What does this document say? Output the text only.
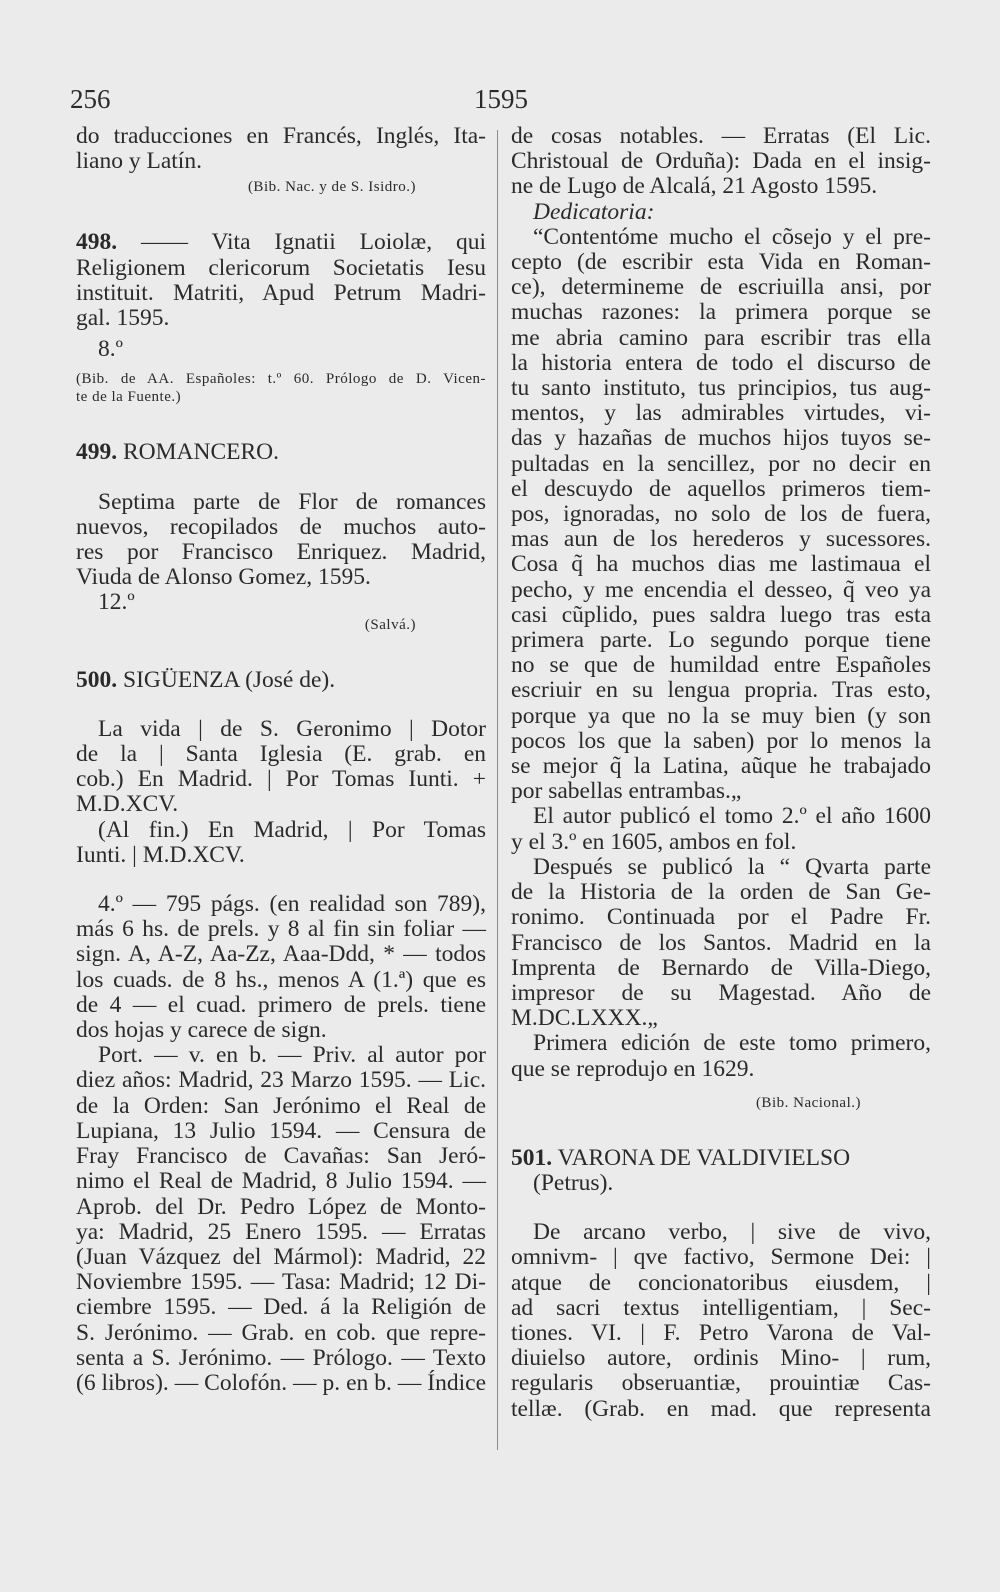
256	1595
do traducciones en Francés, Inglés, Ita-
liano y Latín.
(Bib. Nac. y de S. Isidro.)
498. —— Vita Ignatii Loiolæ, qui
Religionem clericorum Societatis Iesu
instituit. Matriti, Apud Petrum Madri-
gal. 1595.
8.º
(Bib. de AA. Españoles: t.º 60. Prólogo de D. Vicen-
te de la Fuente.)
499. ROMANCERO.
Septima parte de Flor de romances
nuevos, recopilados de muchos auto-
res por Francisco Enriquez. Madrid,
Viuda de Alonso Gomez, 1595.
12.º
(Salvá.)
500. SIGÜENZA (José de).
La vida | de S. Geronimo | Dotor
de la | Santa Iglesia (E. grab. en
cob.) En Madrid. | Por Tomas Iunti. +
M.D.XCV.
(Al fin.) En Madrid, | Por Tomas
Iunti. | M.D.XCV.
4.º — 795 págs. (en realidad son 789),
más 6 hs. de prels. y 8 al fin sin foliar —
sign. A, A-Z, Aa-Zz, Aaa-Ddd, * — todos
los cuads. de 8 hs., menos A (1.ª) que es
de 4 — el cuad. primero de prels. tiene
dos hojas y carece de sign.
Port. — v. en b. — Priv. al autor por
diez años: Madrid, 23 Marzo 1595. — Lic.
de la Orden: San Jerónimo el Real de
Lupiana, 13 Julio 1594. — Censura de
Fray Francisco de Cavañas: San Jeró-
nimo el Real de Madrid, 8 Julio 1594. —
Aprob. del Dr. Pedro López de Monto-
ya: Madrid, 25 Enero 1595. — Erratas
(Juan Vázquez del Mármol): Madrid, 22
Noviembre 1595. — Tasa: Madrid; 12 Di-
ciembre 1595. — Ded. á la Religión de
S. Jerónimo. — Grab. en cob. que repre-
senta a S. Jerónimo. — Prólogo. — Texto
(6 libros). — Colofón. — p. en b. — Índice
de cosas notables. — Erratas (El Lic.
Christoual de Orduña): Dada en el insig-
ne de Lugo de Alcalá, 21 Agosto 1595.
Dedicatoria:
“Contentóme mucho el cõsejo y el pre-
cepto (de escribir esta Vida en Roman-
ce), determineme de escriuilla ansi, por
muchas razones: la primera porque se
me abria camino para escribir tras ella
la historia entera de todo el discurso de
tu santo instituto, tus principios, tus aug-
mentos, y las admirables virtudes, vi-
das y hazañas de muchos hijos tuyos se-
pultadas en la sencillez, por no decir en
el descuydo de aquellos primeros tiem-
pos, ignoradas, no solo de los de fuera,
mas aun de los herederos y sucessores.
Cosa q̃ ha muchos dias me lastimaua el
pecho, y me encendia el desseo, q̃ veo ya
casi cũplido, pues saldra luego tras esta
primera parte. Lo segundo porque tiene
no se que de humildad entre Españoles
escriuir en su lengua propria. Tras esto,
porque ya que no la se muy bien (y son
pocos los que la saben) por lo menos la
se mejor q̃ la Latina, aũque he trabajado
por sabellas entrambas.„
El autor publicó el tomo 2.º el año 1600
y el 3.º en 1605, ambos en fol.
Después se publicó la “ Qvarta parte
de la Historia de la orden de San Ge-
ronimo. Continuada por el Padre Fr.
Francisco de los Santos. Madrid en la
Imprenta de Bernardo de Villa-Diego,
impresor de su Magestad. Año de
M.DC.LXXX.„
Primera edición de este tomo primero,
que se reprodujo en 1629.
(Bib. Nacional.)
501. VARONA DE VALDIVIELSO
(Petrus).
De arcano verbo, | sive de vivo,
omnivm- | qve factivo, Sermone Dei: |
atque de concionatoribus eiusdem, |
ad sacri textus intelligentiam, | Sec-
tiones. VI. | F. Petro Varona de Val-
diuielso autore, ordinis Mino- | rum,
regularis obseruantiæ, prouintiæ Cas-
tellæ. (Grab. en mad. que representa
